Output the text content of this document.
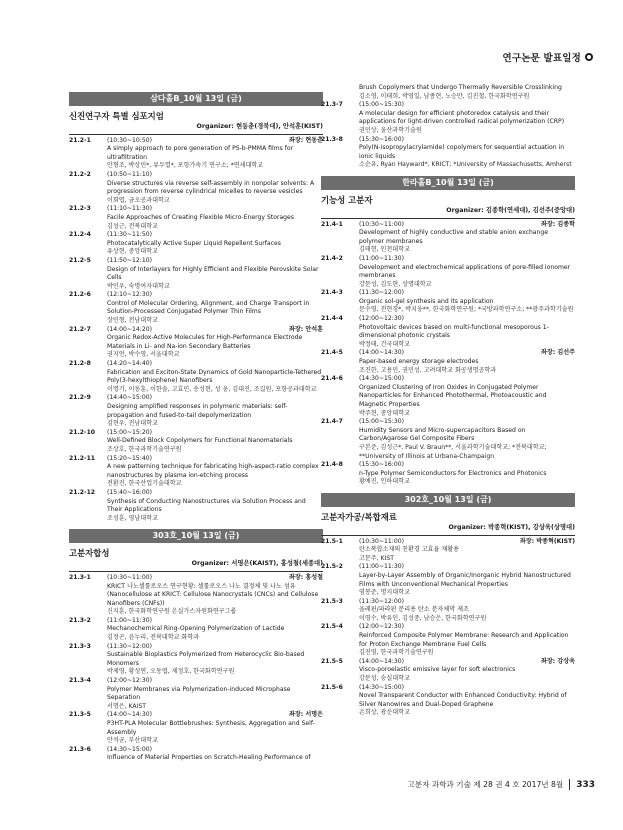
연구논문 발표일정
삼다홀B_10월 13일 (금)
신진연구자 특별 심포지엄
Organizer: 현동춘(경북대), 안석훈(KIST)
21.2-1	(10:30~10:50)	좌장: 현동춘
A simply approach to pore generation of PS-b-PMMA films for ultrafiltration
안형조, 박상민*, 류두열*, 포항가속기 연구소; *연세대학교
21.2-2	(10:50~11:10)
Diverse structures via reverse self-assembly in nonpolar solvents: A progression from reverse cylindrical micelles to reverse vesicles
이회엽, 금오공과대학교
21.2-3	(11:10~11:30)
Facile Approaches of Creating Flexible Micro-Energy Storages
김성근, 전북대학교
21.2-4	(11:30~11:50)
Photocatalytically Active Super Liquid Repellent Surfaces
유상현, 중앙대학교
21.2-5	(11:50~12:10)
Design of Interlayers for Highly Efficient and Flexible Perovskite Solar Cells
박민우, 숙명여자대학교
21.2-6	(12:10~12:30)
Control of Molecular Ordering, Alignment, and Charge Transport in Solution-Processed Conjugated Polymer Thin Films
장민형, 전남대학교
21.2-7	(14:00~14:20)	좌장: 안석훈
Organic Redox-Active Molecules for High-Performance Electrode Materials in Li- and Na-ion Secondary Batteries
권지언, 박수영, 서울대학교
21.2-8	(14:20~14:40)
Fabrication and Exciton-State Dynamics of Gold Nanoparticle-Tethered Poly(3-hexylthiophene) Nanofibers
이명기, 이동훈, 이한솔, 고효민, 송성현, 성 웅, 김대진, 조길원, 포항공과대학교
21.2-9	(14:40~15:00)
Designing amplified responses in polymeric materials: self-propagation and fused-to-tail depolymerization
김현우, 전남대학교
21.2-10	(15:00~15:20)
Well-Defined Block Copolymers for Functional Nanomaterials
조상호, 한국과학기술연구원
21.2-11	(15:20~15:40)
A new patterning technique for fabricating high-aspect-ratio complex nanostructures by plasma ion-etching process
전환진, 한국산업기술대학교
21.2-12	(15:40~16:00)
Synthesis of Conducting Nanostructures via Solution Process and Their Applications
조성훈, 영남대학교
303호_10월 13일 (금)
고분자합성
Organizer: 서영은(KAIST), 홍성철(세종대)
21.3-1	(10:30~11:00)	좌장: 홍성철
KRICT 나노셀룰로오스 연구현황: 셀룰로오스 나노 결정체 및 나노 섬유 (Nanocellulose at KRICT: Cellulose Nanocrystals (CNCs) and Cellulose Nanofibers (CNFs))
신지훈, 한국화학연구원 온실가스자원화연구그룹
21.3-2	(11:00~11:30)
Mechanochemical Ring-Opening Polymerization of Lactide
김정곤, 윤누리, 전북대학교 화학과
21.3-3	(11:30~12:00)
Sustainable Bioplastics Polymerized from Heterocyclic Bio-based Monomers
박제영, 황성연, 오동엽, 제정호, 한국화학연구원
21.3-4	(12:00~12:30)
Polymer Membranes via Polymerization-induced Microphase Separation
서명은, KAIST
21.3-5	(14:00~14:30)	좌장: 서명은
P3HT-PLA Molecular Bottlebrushes: Synthesis, Aggregation and Self-Assembly
안석균, 부산대학교
21.3-6	(14:30~15:00)
Influence of Material Properties on Scratch-Healing Performance of
Brush Copolymers that Undergo Thermally Reversible Crosslinking
김소영, 이태희, 박영일, 남종현, 노승만, 김진철, 한국화학연구원
21.3-7	(15:00~15:30)
A molecular design for efficient photoredox catalysis and their applications for light-driven controlled radical polymerization (CRP)
권민상, 울산과학기술원
21.3-8	(15:30~16:00)
Poly(N-isopropylacrylamide) copolymers for sequential actuation in ionic liquids
소순유, Ryan Hayward*, KRICT; *University of Massachusetts, Amherst
한라홀B_10월 13일 (금)
기능성 고분자
Organizer: 김종학(연세대), 김선주(중앙대)
21.4-1	(10:30~11:00)	좌장: 김종학
Development of highly conductive and stable anion exchange polymer membranes
김태현, 인천대학교
21.4-2	(11:00~11:30)
Development and electrochemical applications of pore-filled ionomer membranes
강문성, 김도현, 상명대학교
21.4-3	(11:30~12:00)
Organic sol-gel synthesis and its application
문수영, 전현경*, 박지웅**, 한국화학연구원; *국방과학연구소; **광주과학기술원
21.4-4	(12:00~12:30)
Photovoltaic devices based on multi-functional mesoporous 1-dimensional photonic crystals
박정태, 건국대학교
21.4-5	(14:00~14:30)	좌장: 김선주
Paper-based energy storage electrodes
조진한, 고용민, 권민성, 고려대학교 화공생명공학과
21.4-6	(14:30~15:00)
Organized Clustering of Iron Oxides in Conjugated Polymer Nanoparticles for Enhanced Photothermal, Photoacoustic and Magnetic Properties
박주현, 중앙대학교
21.4-7	(15:00~15:30)
Humidity Sensors and Micro-supercapacitors Based on Carbon/Agarose Gel Composite Fibers
구본준, 김성근*, Paul V. Braun**, 서울과학기술대학교; *전북대학교; **University of Illinois at Urbana-Champaign
21.4-8	(15:30~16:00)
n-Type Polymer Semiconductors for Electronics and Photonics
황예진, 인하대학교
302호_10월 13일 (금)
고분자가공/복합재료
Organizer: 박종혁(KIST), 강상욱(상명대)
21.5-1	(10:30~11:00)	좌장: 박종혁(KIST)
탄소복합소재의 친환경 고효율 재활용
고문주, KIST
21.5-2	(11:00~11:30)
Layer-by-Layer Assembly of Organic/Inorganic Hybrid Nanostructured Films with Unconventional Mechanical Properties
염봉준, 명지대학교
21.5-3	(11:30~12:00)
올레핀/파라핀 분리용 탄소 분자체막 제조
이영수, 박유인, 김성중, 남승은, 한국화학연구원
21.5-4	(12:00~12:30)
Reinforced Composite Polymer Membrane: Research and Application for Proton Exchange Membrane Fuel Cells
김진영, 한국과학기술연구원
21.5-5	(14:00~14:30)	좌장: 강상욱
Visco-poroelastic emissive layer for soft electronics
강문성, 숭실대학교
21.5-6	(14:30~15:00)
Novel Transparent Conductor with Enhanced Conductivity: Hybrid of Silver Nanowires and Dual-Doped Graphene
손희상, 광운대학교
고분자 과학과 기술 제 28 권 4 호 2017년 8월 333
